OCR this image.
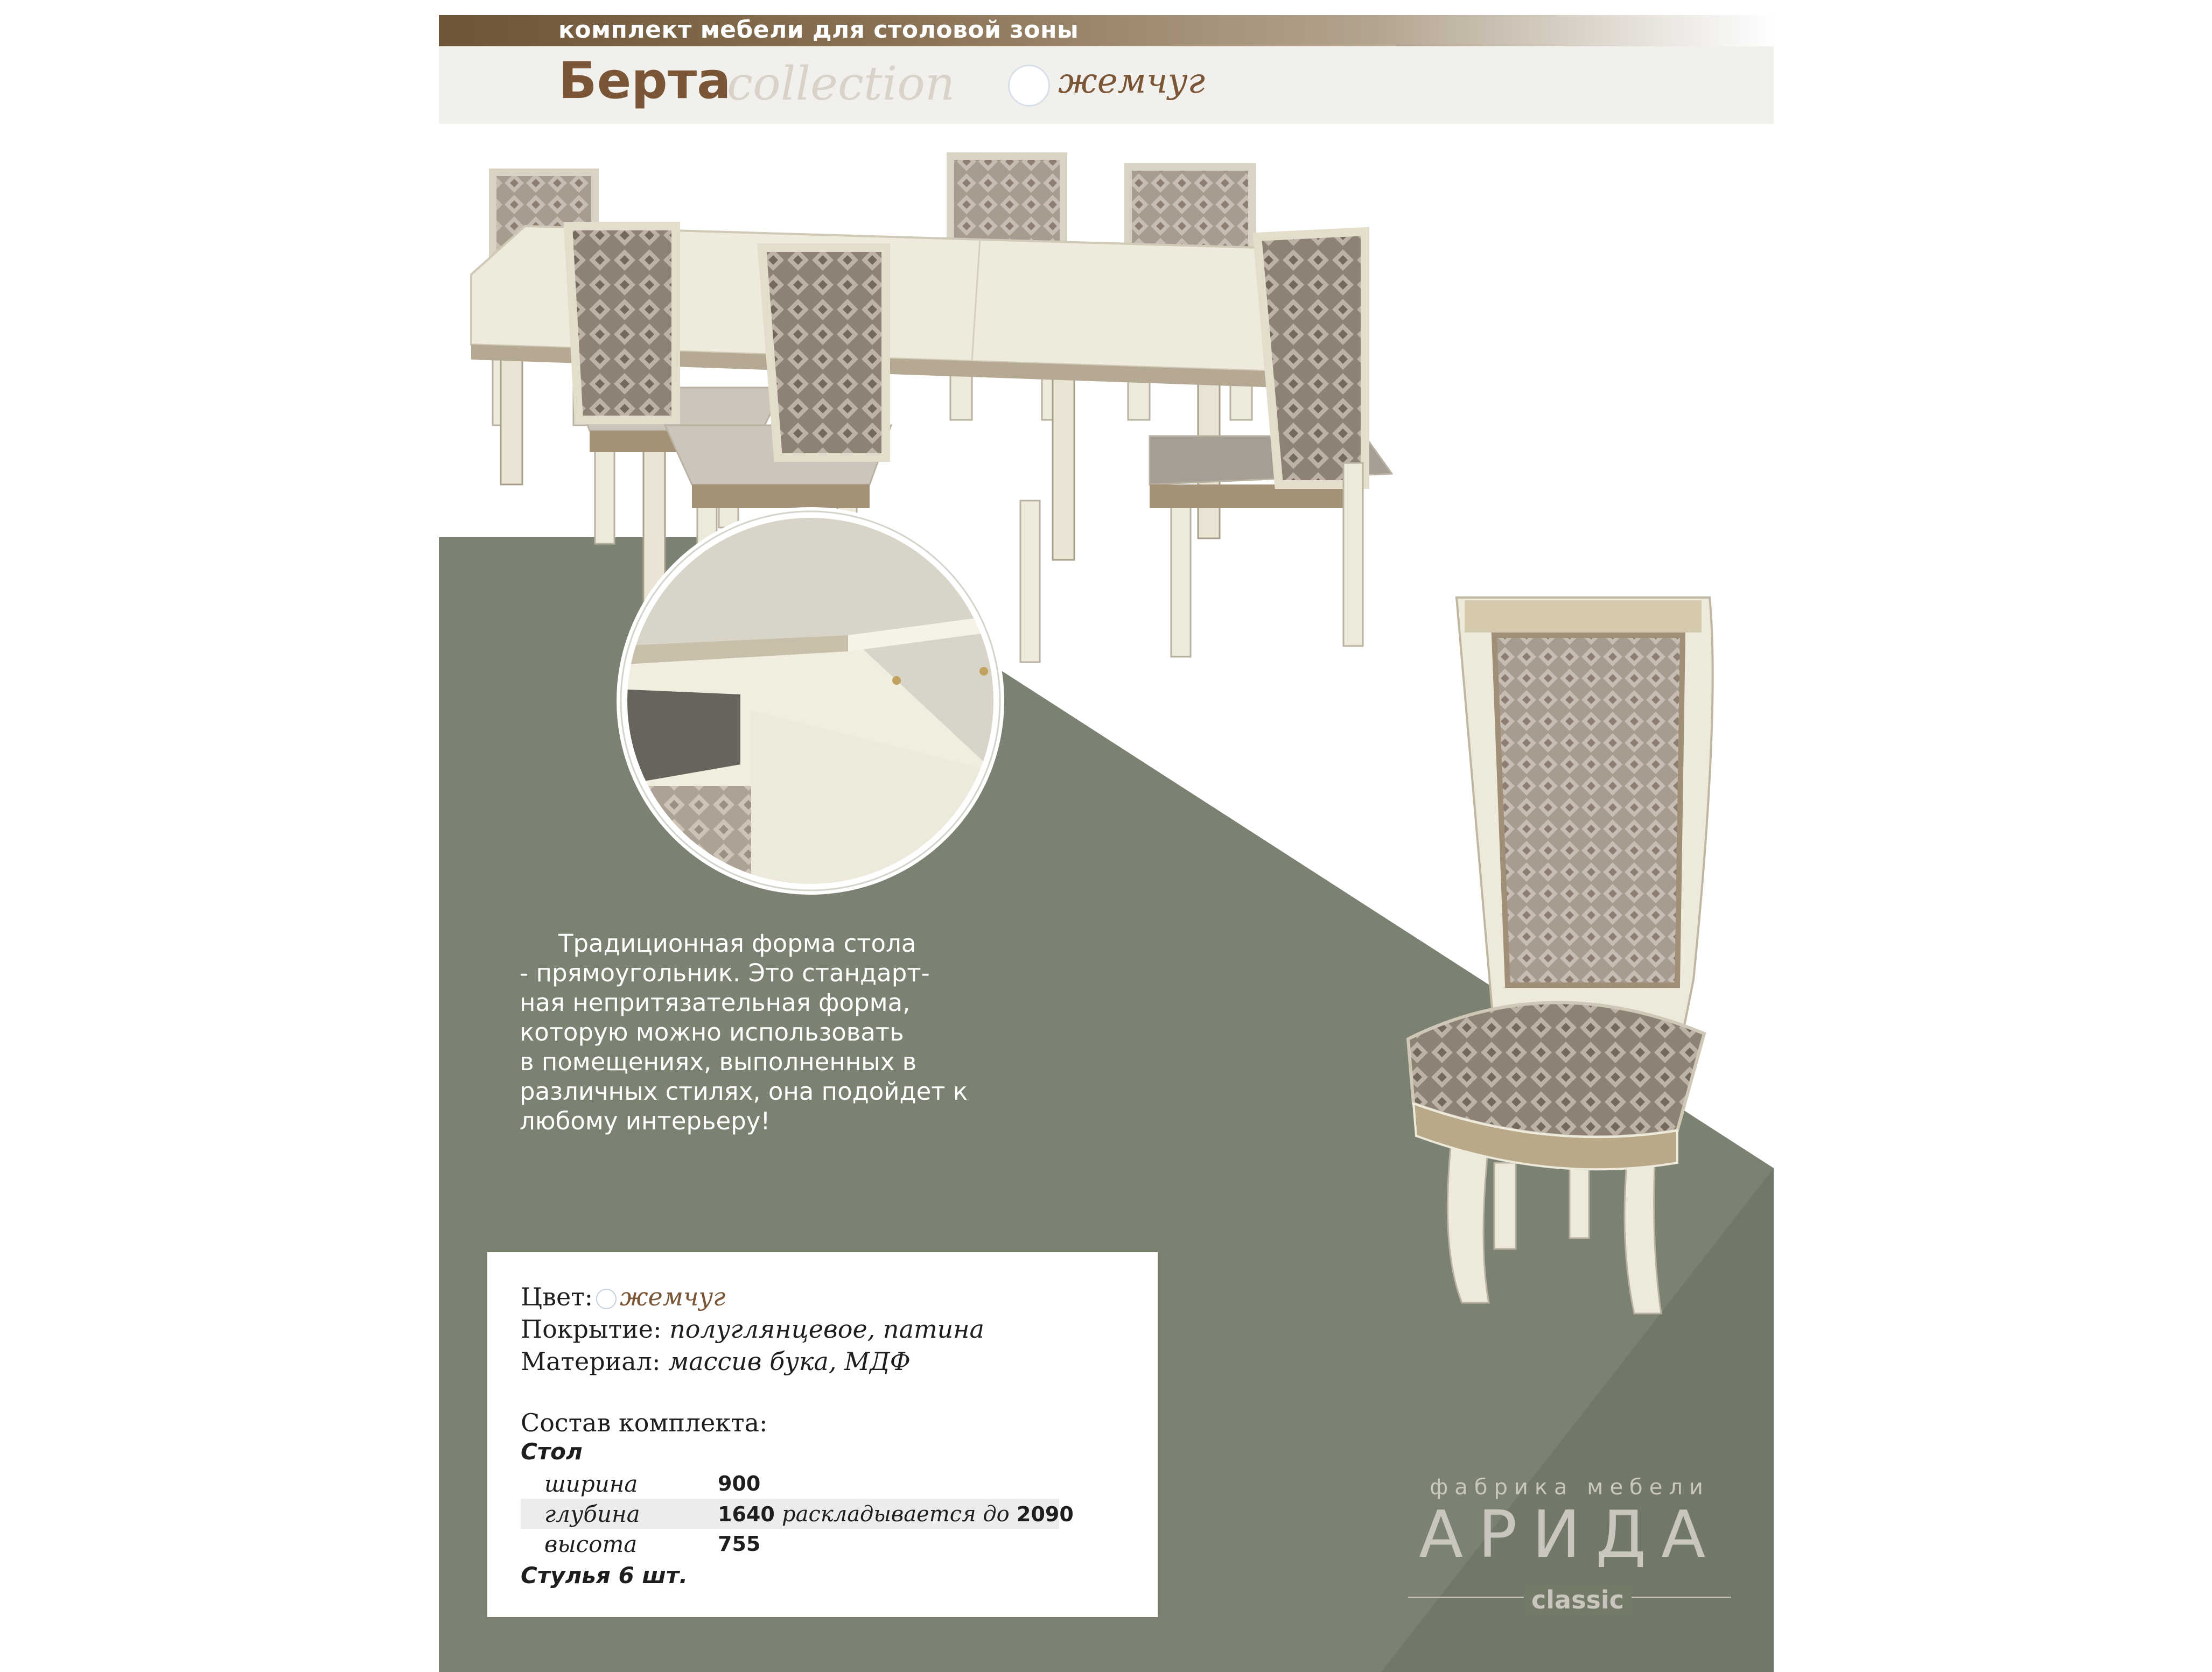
комплект мебели для столовой зоны
Берта
collection	жемчуг
Традиционная форма стола
- прямоугольник. Это стандарт-
ная непритязательная форма,
которую можно использовать
в помещениях, выполненных в
различных стилях, она подойдет к
любому интерьеру!
Цвет: жемчуг
Покрытие: полуглянцевое, патина
Материал: массив бука, МДФ
Состав комплекта:
Стол
ширина	900
глубина	1640 раскладывается до 2090
высота	755
Стулья 6 шт.
фабрика мебели
АРИДА
classic
